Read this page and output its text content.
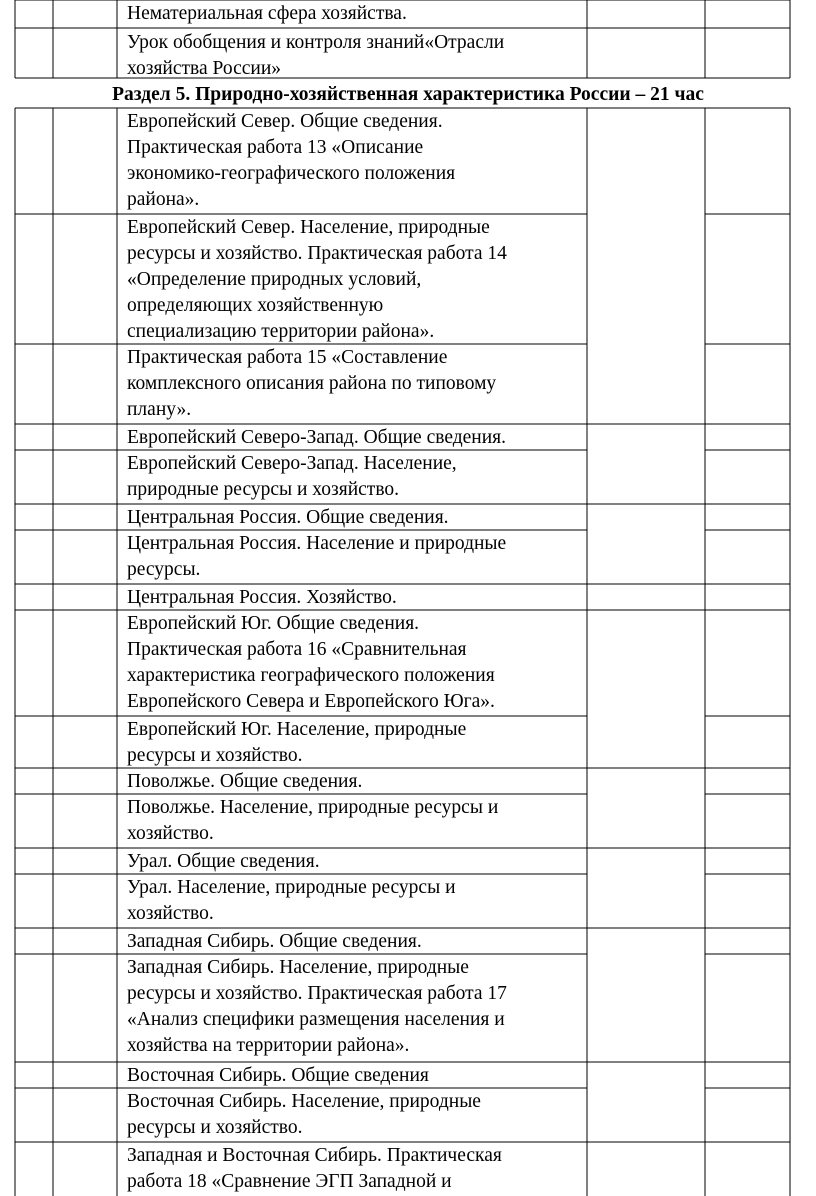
Нематериальная сфера хозяйства.
Урок обобщения и контроля знаний«Отрасли
хозяйства России»
Раздел 5. Природно-хозяйственная характеристика России – 21 час
Европейский Север. Общие сведения.
Практическая работа 13 «Описание
экономико-географического положения
района».
Европейский Север. Население, природные
ресурсы и хозяйство. Практическая работа 14
«Определение природных условий,
определяющих хозяйственную
специализацию территории района».
Практическая работа 15 «Составление
комплексного описания района по типовому
плану».
Европейский Северо-Запад. Общие сведения.
Европейский Северо-Запад. Население,
природные ресурсы и хозяйство.
Центральная Россия. Общие сведения.
Центральная Россия. Население и природные
ресурсы.
Центральная Россия. Хозяйство.
Европейский Юг. Общие сведения.
Практическая работа 16 «Сравнительная
характеристика географического положения
Европейского Севера и Европейского Юга».
Европейский Юг. Население, природные
ресурсы и хозяйство.
Поволжье. Общие сведения.
Поволжье. Население, природные ресурсы и
хозяйство.
Урал. Общие сведения.
Урал. Население, природные ресурсы и
хозяйство.
Западная Сибирь. Общие сведения.
Западная Сибирь. Население, природные
ресурсы и хозяйство. Практическая работа 17
«Анализ специфики размещения населения и
хозяйства на территории района».
Восточная Сибирь. Общие сведения
Восточная Сибирь. Население, природные
ресурсы и хозяйство.
Западная и Восточная Сибирь. Практическая
работа 18 «Сравнение ЭГП Западной и
